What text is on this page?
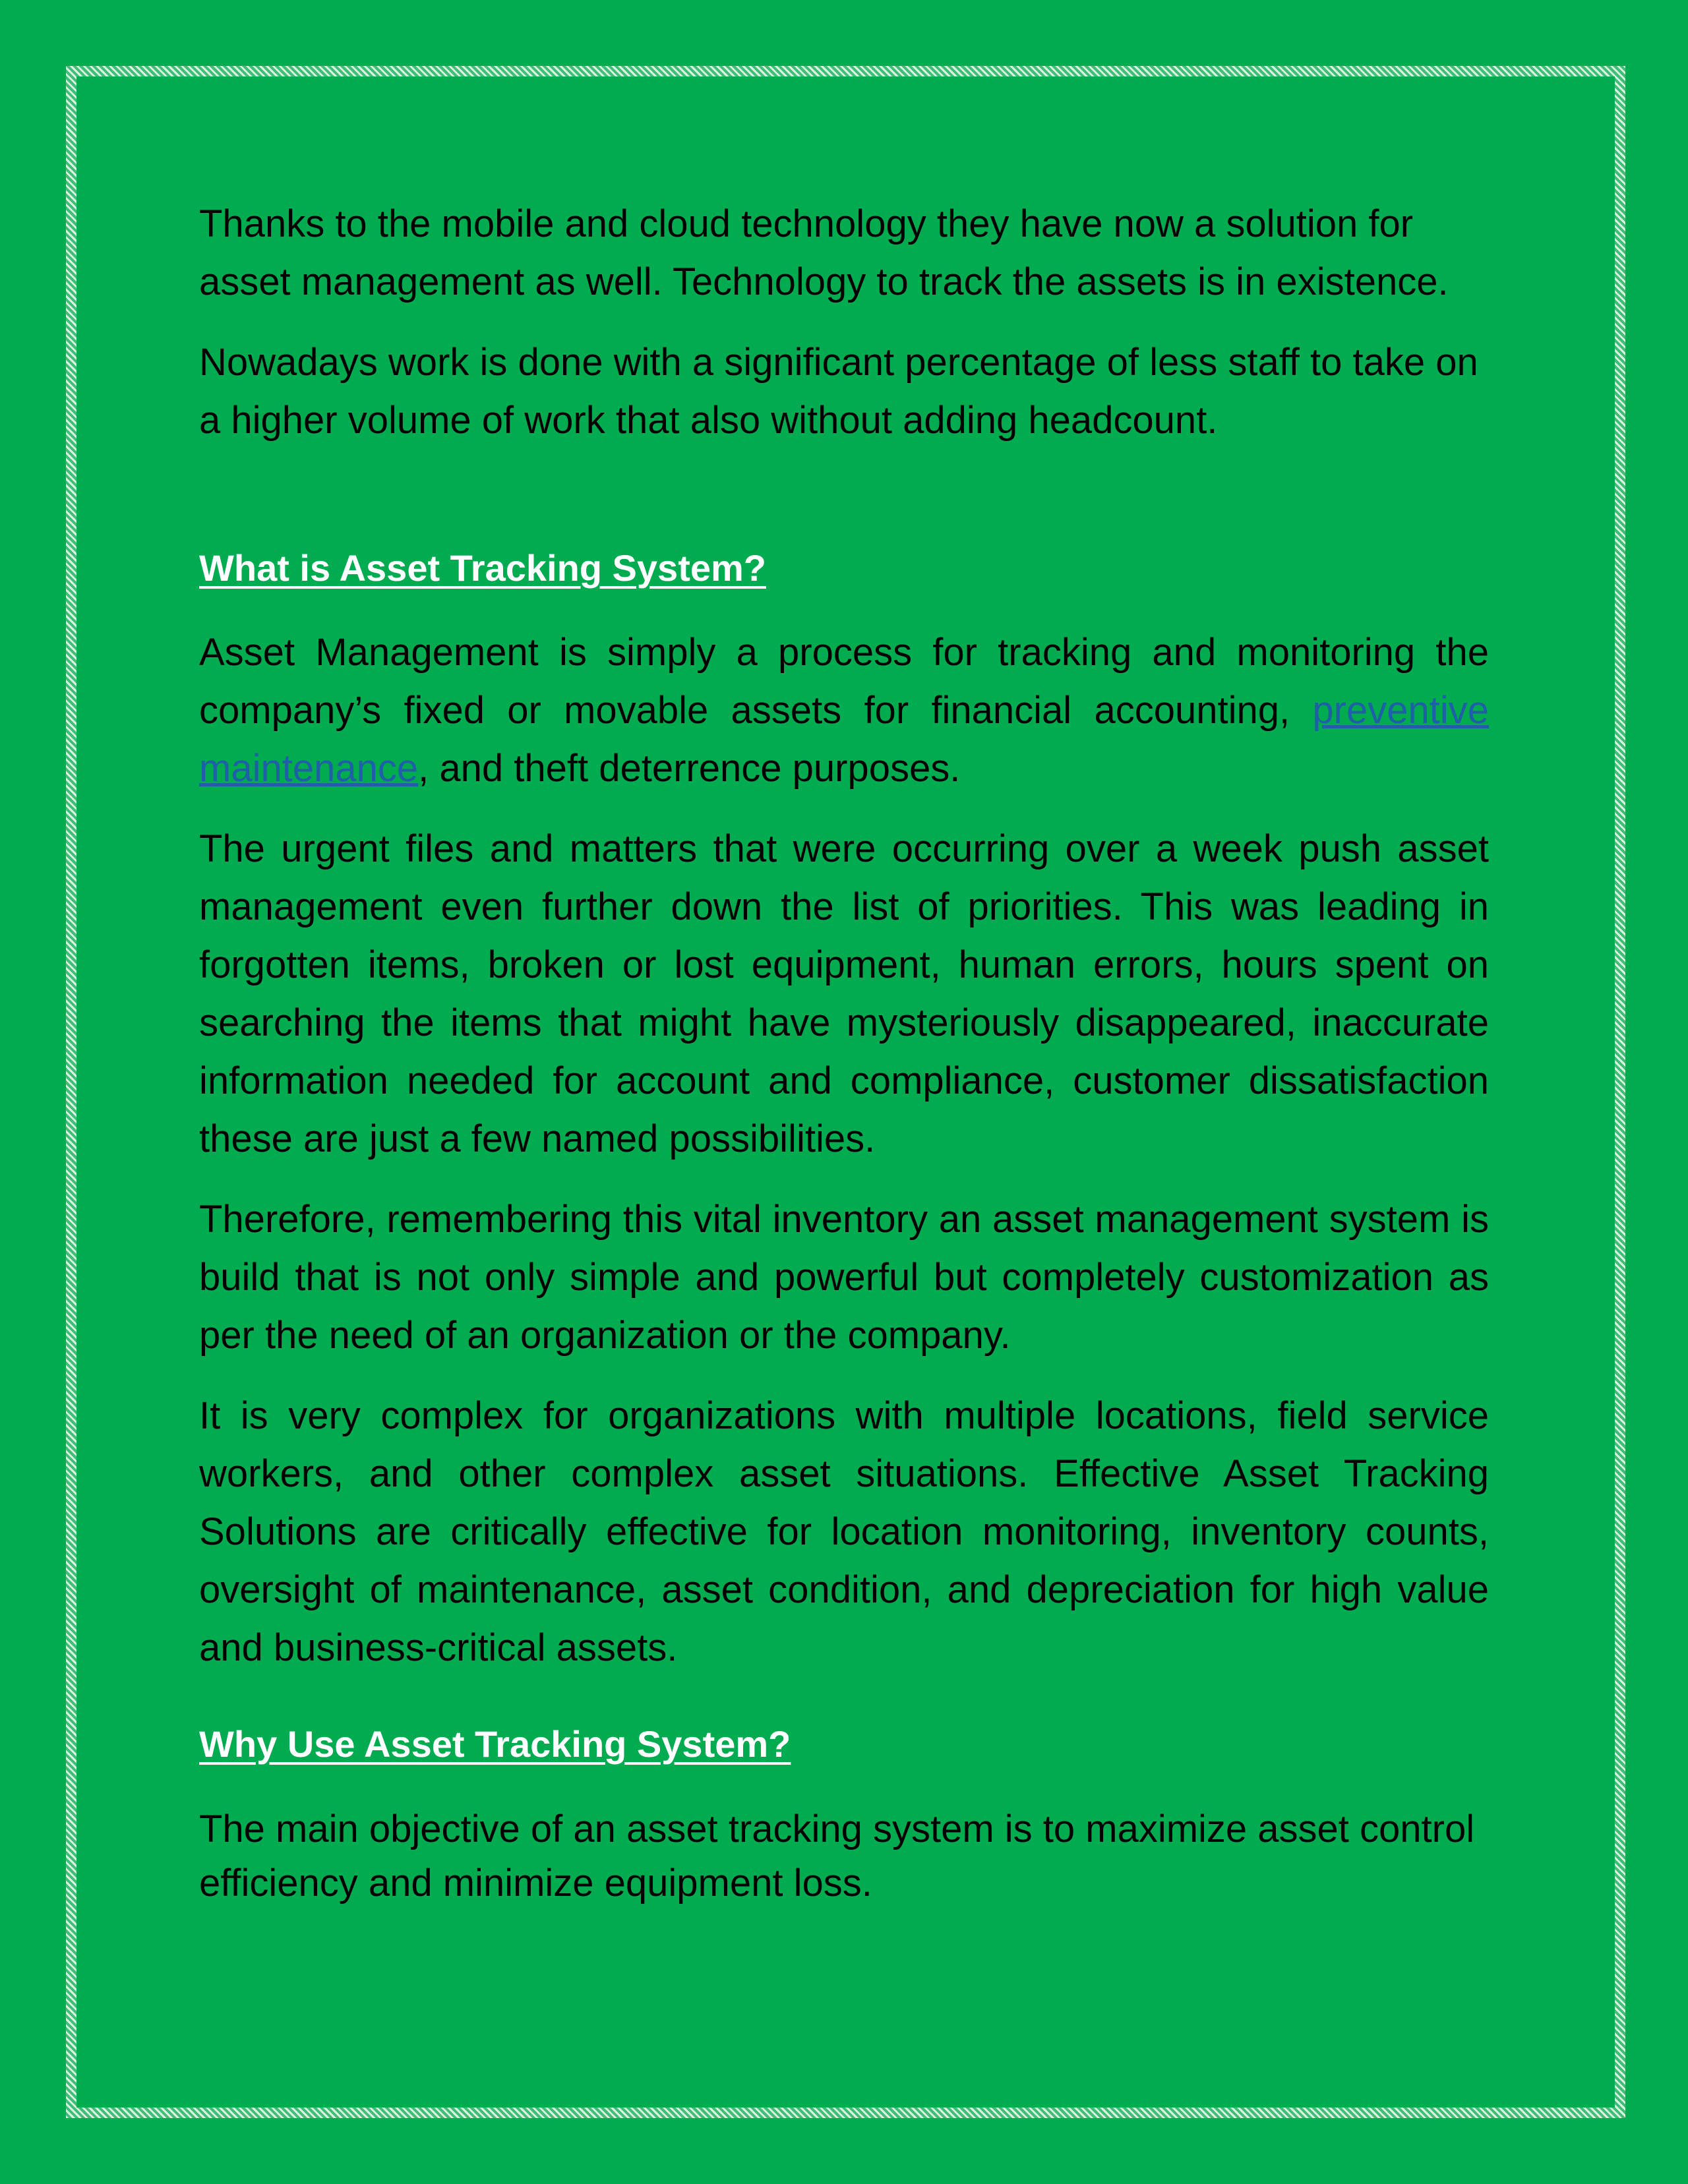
Thanks to the mobile and cloud technology they have now a solution for asset management as well. Technology to track the assets is in existence.

Nowadays work is done with a significant percentage of less staff to take on a higher volume of work that also without adding headcount.

What is Asset Tracking System?

Asset Management is simply a process for tracking and monitoring the company’s fixed or movable assets for financial accounting, preventive maintenance, and theft deterrence purposes.

The urgent files and matters that were occurring over a week push asset management even further down the list of priorities. This was leading in forgotten items, broken or lost equipment, human errors, hours spent on searching the items that might have mysteriously disappeared, inaccurate information needed for account and compliance, customer dissatisfaction these are just a few named possibilities.

Therefore, remembering this vital inventory an asset management system is build that is not only simple and powerful but completely customization as per the need of an organization or the company.

It is very complex for organizations with multiple locations, field service workers, and other complex asset situations. Effective Asset Tracking Solutions are critically effective for location monitoring, inventory counts, oversight of maintenance, asset condition, and depreciation for high value and business-critical assets.

Why Use Asset Tracking System?

The main objective of an asset tracking system is to maximize asset control efficiency and minimize equipment loss.
